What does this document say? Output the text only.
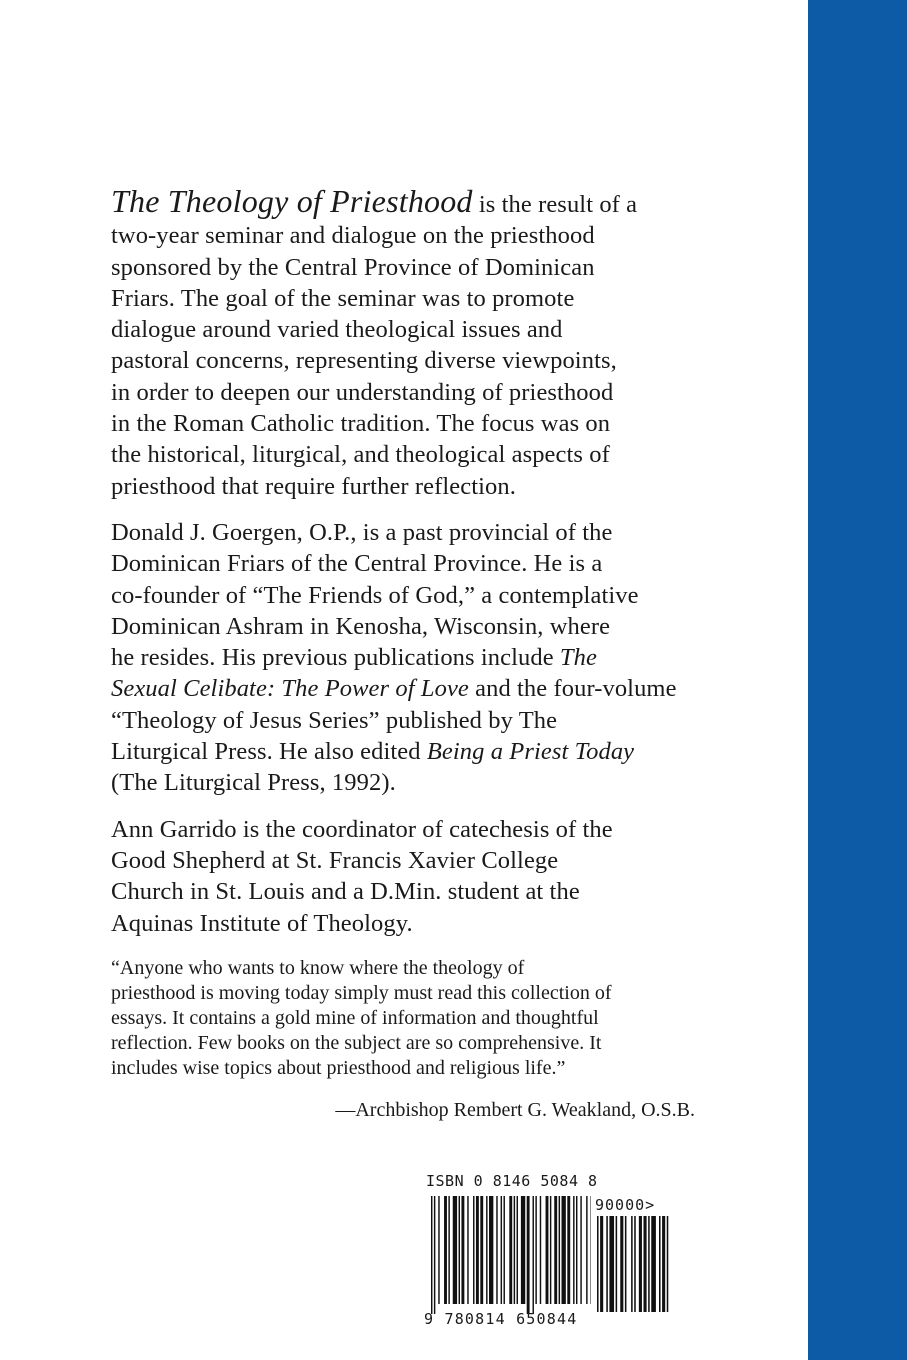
The Theology of Priesthood is the result of a
two-year seminar and dialogue on the priesthood
sponsored by the Central Province of Dominican
Friars. The goal of the seminar was to promote
dialogue around varied theological issues and
pastoral concerns, representing diverse viewpoints,
in order to deepen our understanding of priesthood
in the Roman Catholic tradition. The focus was on
the historical, liturgical, and theological aspects of
priesthood that require further reflection.

Donald J. Goergen, O.P., is a past provincial of the
Dominican Friars of the Central Province. He is a
co-founder of “The Friends of God,” a contemplative
Dominican Ashram in Kenosha, Wisconsin, where
he resides. His previous publications include The
Sexual Celibate: The Power of Love and the four-volume
“Theology of Jesus Series” published by The
Liturgical Press. He also edited Being a Priest Today
(The Liturgical Press, 1992).

Ann Garrido is the coordinator of catechesis of the
Good Shepherd at St. Francis Xavier College
Church in St. Louis and a D.Min. student at the
Aquinas Institute of Theology.

“Anyone who wants to know where the theology of
priesthood is moving today simply must read this collection of
essays. It contains a gold mine of information and thoughtful
reflection. Few books on the subject are so comprehensive. It
includes wise topics about priesthood and religious life.”

—Archbishop Rembert G. Weakland, O.S.B.
ISBN 0 8146 5084 8
90000>
9 780814 650844
